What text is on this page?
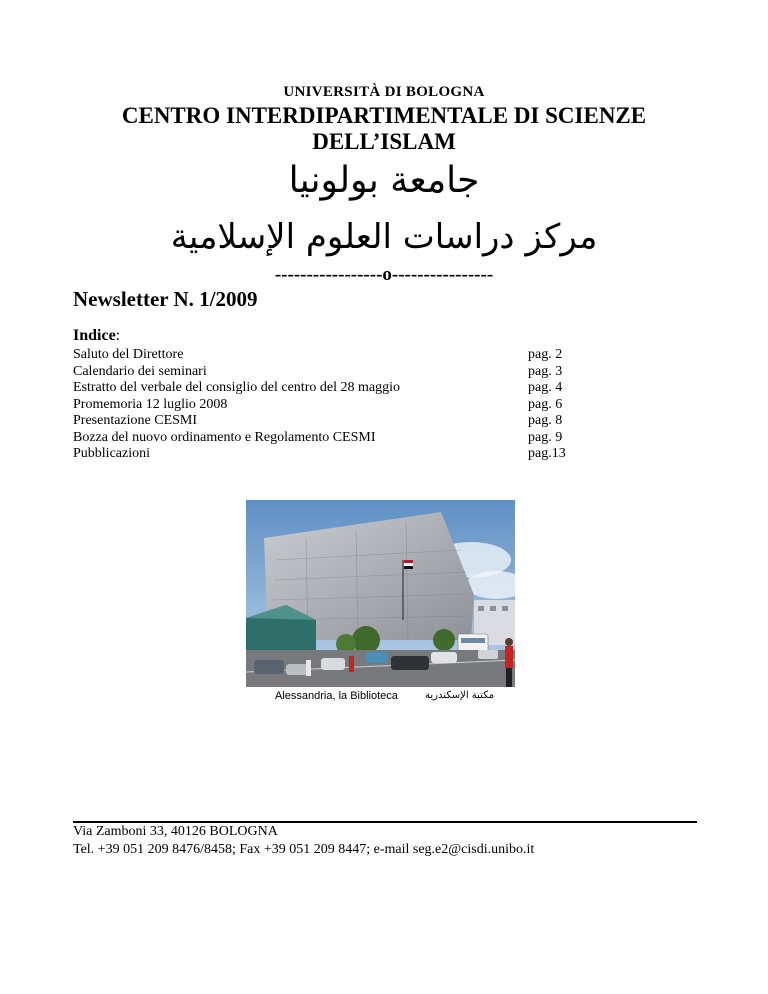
UNIVERSITÀ DI BOLOGNA
CENTRO INTERDIPARTIMENTALE DI SCIENZE
DELL’ISLAM
جامعة بولونيا
مركز دراسات العلوم الإسلامية
-----------------o----------------
Newsletter N. 1/2009
Indice:
Saluto del Direttore	pag. 2
Calendario dei seminari	pag. 3
Estratto del verbale del consiglio del centro del 28 maggio	pag. 4
Promemoria 12 luglio 2008	pag. 6
Presentazione CESMI	pag. 8
Bozza del nuovo ordinamento e Regolamento CESMI	pag. 9
Pubblicazioni	pag.13
Alessandria, la Biblioteca	مكتبة الإسكندرية
Via Zamboni 33, 40126 BOLOGNA
Tel. +39 051 209 8476/8458; Fax +39 051 209 8447; e-mail seg.e2@cisdi.unibo.it
